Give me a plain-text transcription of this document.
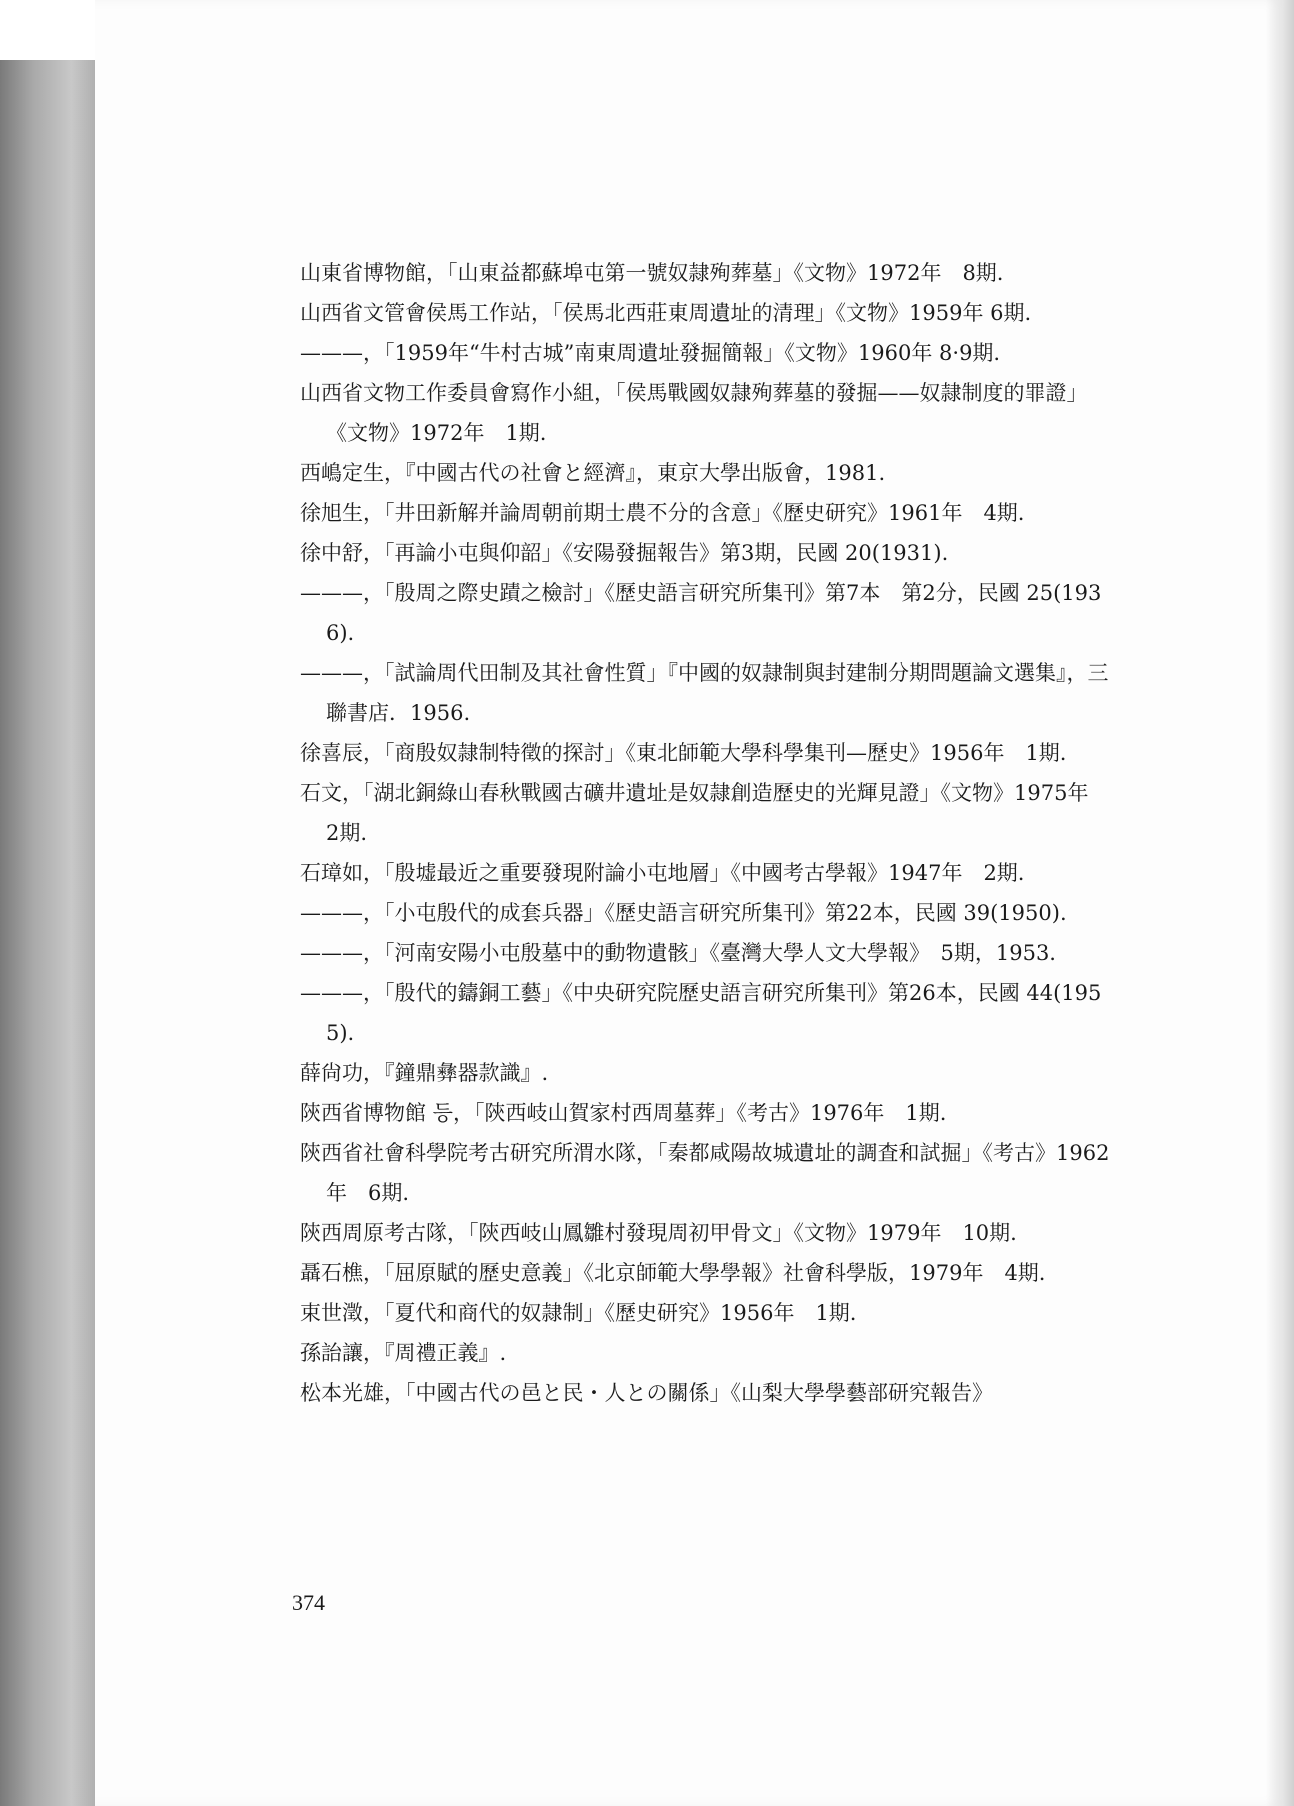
山東省博物館，「山東益都蘇埠屯第一號奴隷殉葬墓」《文物》1972年　8期.

山西省文管會侯馬工作站，「侯馬北西莊東周遺址的清理」《文物》1959年 6期.

———，「1959年“牛村古城”南東周遺址發掘簡報」《文物》1960年 8·9期.

山西省文物工作委員會寫作小組，「侯馬戰國奴隷殉葬墓的發掘——奴隷制度的罪證」《文物》1972年　1期.

西嶋定生，『中國古代の社會と經濟』，東京大學出版會，1981.

徐旭生，「井田新解并論周朝前期士農不分的含意」《歷史研究》1961年　4期.

徐中舒，「再論小屯與仰韶」《安陽發掘報告》第3期，民國 20(1931).

———，「殷周之際史蹟之檢討」《歷史語言研究所集刊》第7本　第2分，民國 25(1936).

———，「試論周代田制及其社會性質」『中國的奴隷制與封建制分期問題論文選集』，三聯書店．1956.

徐喜辰，「商殷奴隷制特徵的探討」《東北師範大學科學集刊—歷史》1956年　1期.

石文，「湖北銅綠山春秋戰國古礦井遺址是奴隷創造歷史的光輝見證」《文物》1975年　2期.

石璋如，「殷墟最近之重要發現附論小屯地層」《中國考古學報》1947年　2期.

———，「小屯殷代的成套兵器」《歷史語言研究所集刊》第22本，民國 39(1950).

———，「河南安陽小屯殷墓中的動物遺骸」《臺灣大學人文大學報》　5期，1953.

———，「殷代的鑄銅工藝」《中央研究院歷史語言研究所集刊》第26本，民國 44(1955).

薛尙功，『鐘鼎彝器款識』.

陝西省博物館 등，「陝西岐山賀家村西周墓葬」《考古》1976年　1期.

陝西省社會科學院考古研究所渭水隊，「秦都咸陽故城遺址的調査和試掘」《考古》1962年　6期.

陝西周原考古隊，「陝西岐山鳳雛村發現周初甲骨文」《文物》1979年　10期.

聶石樵，「屈原賦的歷史意義」《北京師範大學學報》社會科學版，1979年　4期.

束世澂，「夏代和商代的奴隷制」《歷史研究》1956年　1期.

孫詒讓，『周禮正義』.

松本光雄，「中國古代の邑と民・人との關係」《山梨大學學藝部研究報告》

374
